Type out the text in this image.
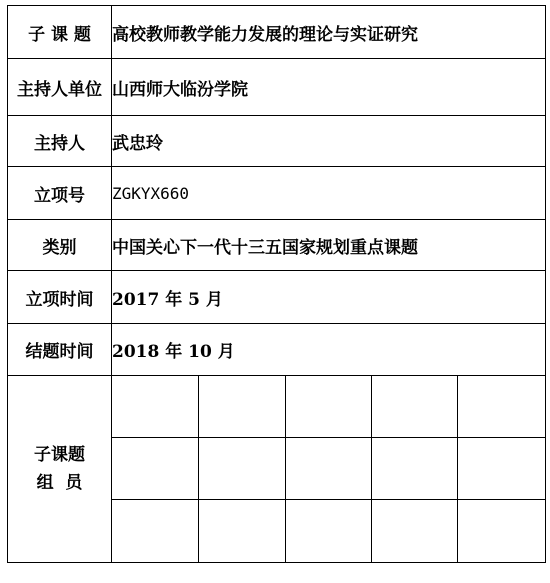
子 课 题	高校教师教学能力发展的理论与实证研究				
主持人单位	山西师大临汾学院				
主持人	武忠玲				
立项号	ZGKYX660				
类别	中国关心下一代十三五国家规划重点课题				
立项时间	2017 年 5 月				
结题时间	2018 年 10 月				

子课题
组  员					
